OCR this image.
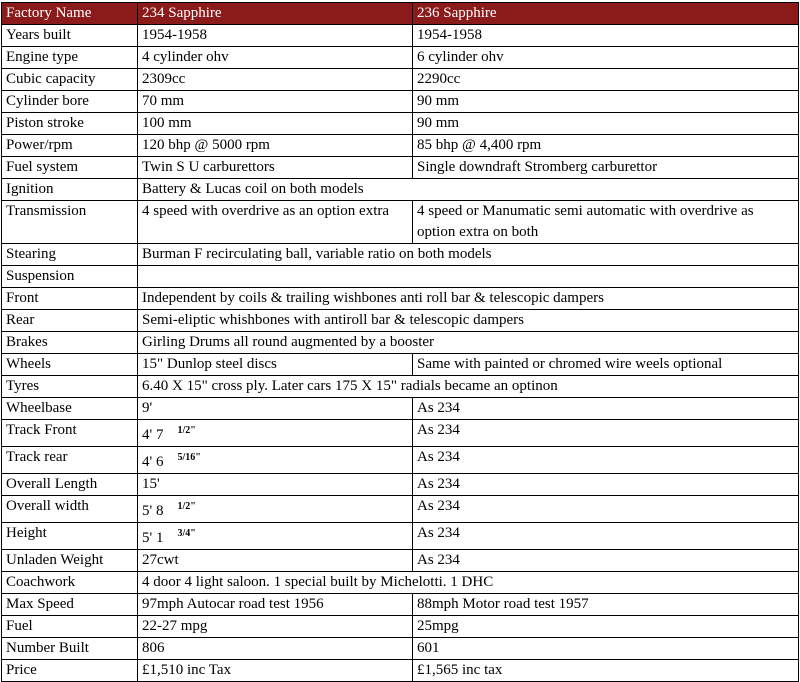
Factory Name	234 Sapphire	236 Sapphire
Years built	1954-1958	1954-1958
Engine type	4 cylinder ohv	6 cylinder ohv
Cubic capacity	2309cc	2290cc
Cylinder bore	70 mm	90 mm
Piston stroke	100 mm	90 mm
Power/rpm	120 bhp @ 5000 rpm	85 bhp @ 4,400 rpm
Fuel system	Twin S U carburettors	Single downdraft Stromberg carburettor
Ignition	Battery & Lucas coil on both models	
Transmission	4 speed with overdrive as an option extra	4 speed or Manumatic semi automatic with overdrive as option extra on both

Stearing	Burman F recirculating ball, variable ratio on both models	
Suspension		
Front	Independent by coils & trailing wishbones anti roll bar & telescopic dampers	
Rear	Semi-eliptic whishbones with antiroll bar & telescopic dampers	
Brakes	Girling Drums all round augmented by a booster	
Wheels	15" Dunlop steel discs	Same with painted or chromed wire weels optional
Tyres	6.40 X 15" cross ply. Later cars 175 X 15" radials became an optinon	
Wheelbase	9'	As 234
Track Front	4' 7 $^{1/2"}$	As 234
Track rear	4' 6 $^{5/16"}$	As 234
Overall Length	15'	As 234
Overall width	5' 8 $^{1/2"}$	As 234
Height	5' 1 $^{3/4"}$	As 234
Unladen Weight	27cwt	As 234
Coachwork	4 door 4 light saloon. 1 special built by Michelotti. 1 DHC	
Max Speed	97mph Autocar road test 1956	88mph Motor road test 1957
Fuel	22-27 mpg	25mpg
Number Built	806	601
Price	£1,510 inc Tax	£1,565 inc tax
